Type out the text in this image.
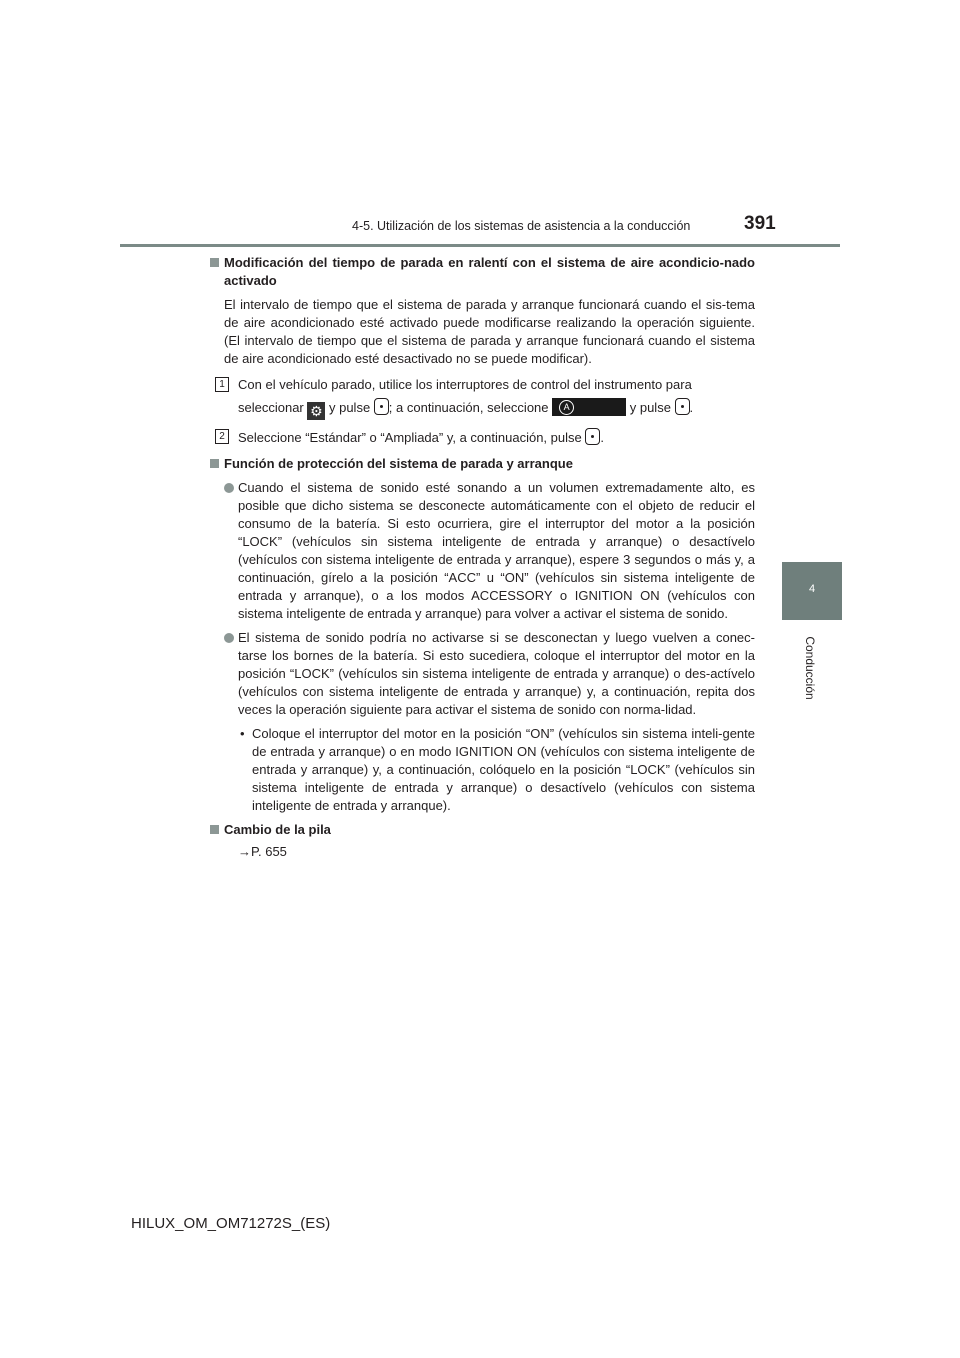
4-5. Utilización de los sistemas de asistencia a la conducción	391
4
Conducción

Modificación del tiempo de parada en ralentí con el sistema de aire acondicio-nado activado

El intervalo de tiempo que el sistema de parada y arranque funcionará cuando el sis-tema de aire acondicionado esté activado puede modificarse realizando la operación siguiente. (El intervalo de tiempo que el sistema de parada y arranque funcionará cuando el sistema de aire acondicionado esté desactivado no se puede modificar).

1	Con el vehículo parado, utilice los interruptores de control del instrumento para
seleccionar ⚙ y pulse ; a continuación, seleccione	A	y pulse .
2	Seleccione “Estándar” o “Ampliada” y, a continuación, pulse .

Función de protección del sistema de parada y arranque

Cuando el sistema de sonido esté sonando a un volumen extremadamente alto, es posible que dicho sistema se desconecte automáticamente con el objeto de reducir el consumo de la batería. Si esto ocurriera, gire el interruptor del motor a la posición “LOCK” (vehículos sin sistema inteligente de entrada y arranque) o desactívelo (vehículos con sistema inteligente de entrada y arranque), espere 3 segundos o más y, a continuación, gírelo a la posición “ACC” u “ON” (vehículos sin sistema inteligente de entrada y arranque), o a los modos ACCESSORY o IGNITION ON (vehículos con sistema inteligente de entrada y arranque) para volver a activar el sistema de sonido.

El sistema de sonido podría no activarse si se desconectan y luego vuelven a conec-tarse los bornes de la batería. Si esto sucediera, coloque el interruptor del motor en la posición “LOCK” (vehículos sin sistema inteligente de entrada y arranque) o des-actívelo (vehículos con sistema inteligente de entrada y arranque) y, a continuación, repita dos veces la operación siguiente para activar el sistema de sonido con norma-lidad.

• Coloque el interruptor del motor en la posición “ON” (vehículos sin sistema inteli-gente de entrada y arranque) o en modo IGNITION ON (vehículos con sistema inteligente de entrada y arranque) y, a continuación, colóquelo en la posición “LOCK” (vehículos sin sistema inteligente de entrada y arranque) o desactívelo (vehículos con sistema inteligente de entrada y arranque).

Cambio de la pila

→P. 655

HILUX_OM_OM71272S_(ES)
